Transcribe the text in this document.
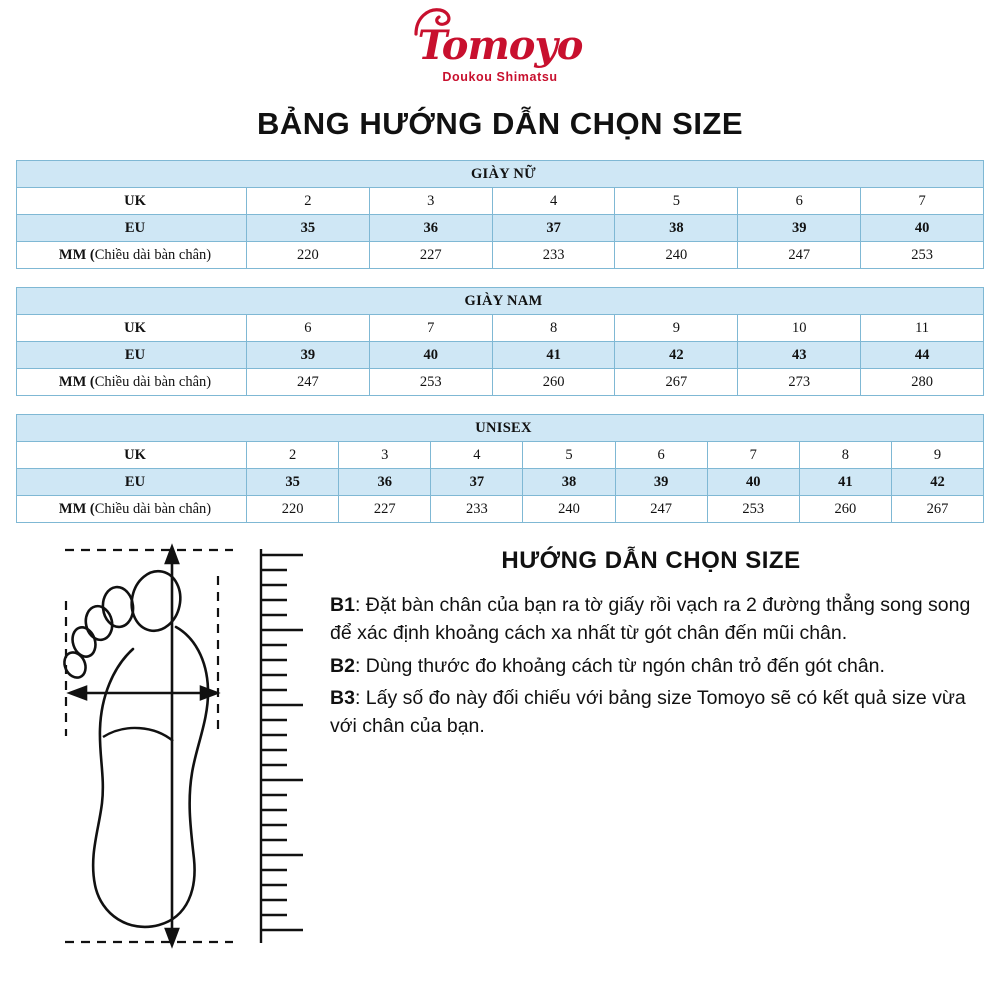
Tomoyo
Doukou Shimatsu
BẢNG HƯỚNG DẪN CHỌN SIZE
GIÀY NỮ						
UK	2	3	4	5	6	7
EU	35	36	37	38	39	40
MM (Chiều dài bàn chân)	220	227	233	240	247	253
GIÀY NAM						
UK	6	7	8	9	10	11
EU	39	40	41	42	43	44
MM (Chiều dài bàn chân)	247	253	260	267	273	280
UNISEX								
UK	2	3	4	5	6	7	8	9
EU	35	36	37	38	39	40	41	42
MM (Chiều dài bàn chân)	220	227	233	240	247	253	260	267
HƯỚNG DẪN CHỌN SIZE
B1: Đặt bàn chân của bạn ra tờ giấy rồi vạch ra 2 đường thẳng song song để xác định khoảng cách xa nhất từ gót chân đến mũi chân.
B2: Dùng thước đo khoảng cách từ ngón chân trỏ đến gót chân.
B3: Lấy số đo này đối chiếu với bảng size Tomoyo sẽ có kết quả size vừa với chân của bạn.
